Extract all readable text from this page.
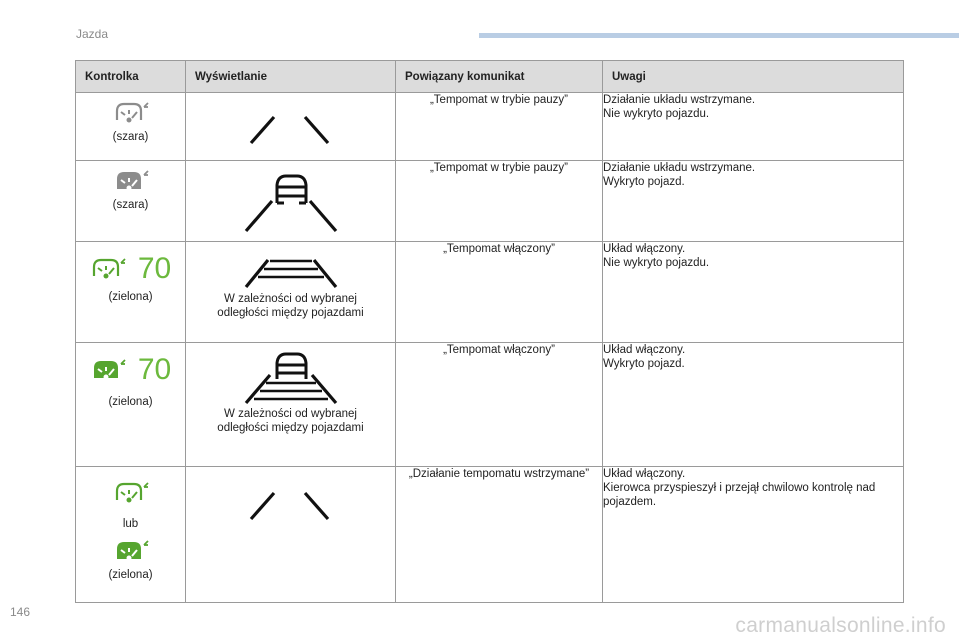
Jazda
Kontrolka	Wyświetlanie	Powiązany komunikat	Uwagi

(szara)		„Tempomat w trybie pauzy”	Działanie układu wstrzymane.
Nie wykryto pojazdu.

(szara)		„Tempomat w trybie pauzy”	Działanie układu wstrzymane.
Wykryto pojazd.

70
(zielona)	W zależności od wybranej
odległości między pojazdami	„Tempomat włączony”	Układ włączony.
Nie wykryto pojazdu.

70
(zielona)	W zależności od wybranej
odległości między pojazdami	„Tempomat włączony”	Układ włączony.
Wykryto pojazd.

lub
(zielona)		„Działanie tempomatu wstrzymane”	Układ włączony.
Kierowca przyspieszył i przejął chwilowo kontrolę nad pojazdem.
146
carmanualsonline.info
